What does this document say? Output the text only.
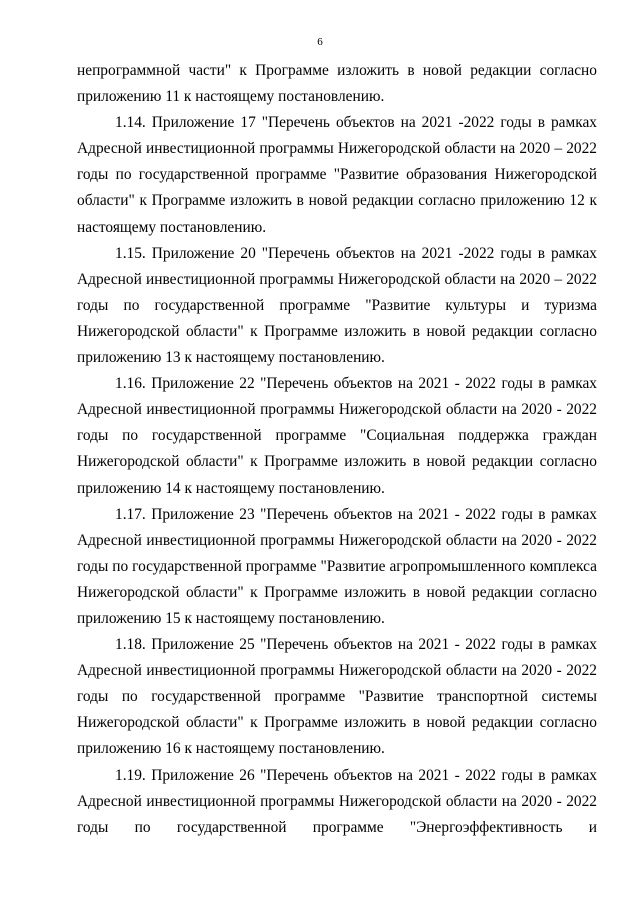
6

непрограммной части" к Программе изложить в новой редакции согласно приложению 11 к настоящему постановлению.

1.14. Приложение 17 "Перечень объектов на 2021 -2022 годы в рамках Адресной инвестиционной программы Нижегородской области на 2020 – 2022 годы по государственной программе "Развитие образования Нижегородской области" к Программе изложить в новой редакции согласно приложению 12 к настоящему постановлению.

1.15. Приложение 20 "Перечень объектов на 2021 -2022 годы в рамках Адресной инвестиционной программы Нижегородской области на 2020 – 2022 годы по государственной программе "Развитие культуры и туризма Нижегородской области" к Программе изложить в новой редакции согласно приложению 13 к настоящему постановлению.

1.16. Приложение 22 "Перечень объектов на 2021 - 2022 годы в рамках Адресной инвестиционной программы Нижегородской области на 2020 - 2022 годы по государственной программе "Социальная поддержка граждан Нижегородской области" к Программе изложить в новой редакции согласно приложению 14 к настоящему постановлению.

1.17. Приложение 23 "Перечень объектов на 2021 - 2022 годы в рамках Адресной инвестиционной программы Нижегородской области на 2020 - 2022 годы по государственной программе "Развитие агропромышленного комплекса Нижегородской области" к Программе изложить в новой редакции согласно приложению 15 к настоящему постановлению.

1.18. Приложение 25 "Перечень объектов на 2021 - 2022 годы в рамках Адресной инвестиционной программы Нижегородской области на 2020 - 2022 годы по государственной программе "Развитие транспортной системы Нижегородской области" к Программе изложить в новой редакции согласно приложению 16 к настоящему постановлению.

1.19. Приложение 26 "Перечень объектов на 2021 - 2022 годы в рамках Адресной инвестиционной программы Нижегородской области на 2020 - 2022 годы по государственной программе "Энергоэффективность и
